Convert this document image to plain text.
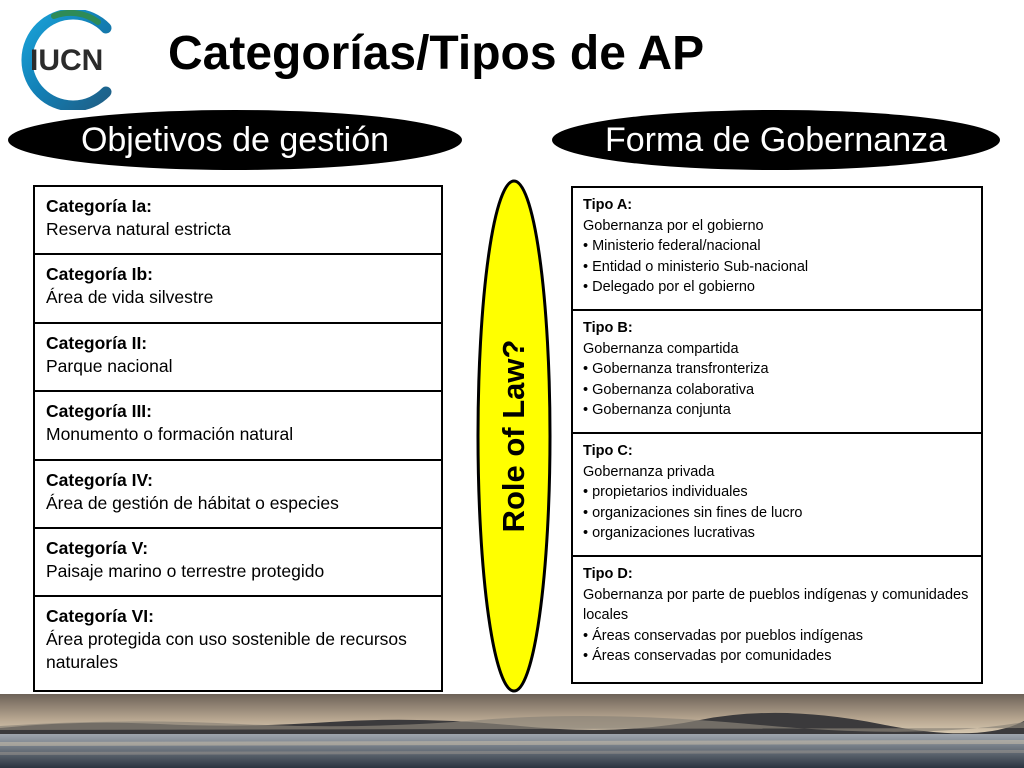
IUCN Categorías/Tipos de AP
Objetivos de gestión	Forma de Gobernanza
Categoría Ia:
Reserva natural estricta
Categoría Ib:
Área de vida silvestre
Categoría II:
Parque nacional
Categoría III:
Monumento o formación natural
Categoría IV:
Área de gestión de hábitat o especies
Categoría V:
Paisaje marino o terrestre protegido
Categoría VI:
Área protegida con uso sostenible de recursos naturales
Role of Law?
Tipo A:
Gobernanza por el gobierno
• Ministerio federal/nacional
• Entidad o ministerio Sub-nacional
• Delegado por el gobierno
Tipo B:
Gobernanza compartida
• Gobernanza transfronteriza
• Gobernanza colaborativa
• Gobernanza conjunta
Tipo C:
Gobernanza privada
• propietarios individuales
• organizaciones sin fines de lucro
• organizaciones lucrativas
Tipo D:
Gobernanza por parte de pueblos indígenas y comunidades locales
• Áreas conservadas por pueblos indígenas
• Áreas conservadas por comunidades
